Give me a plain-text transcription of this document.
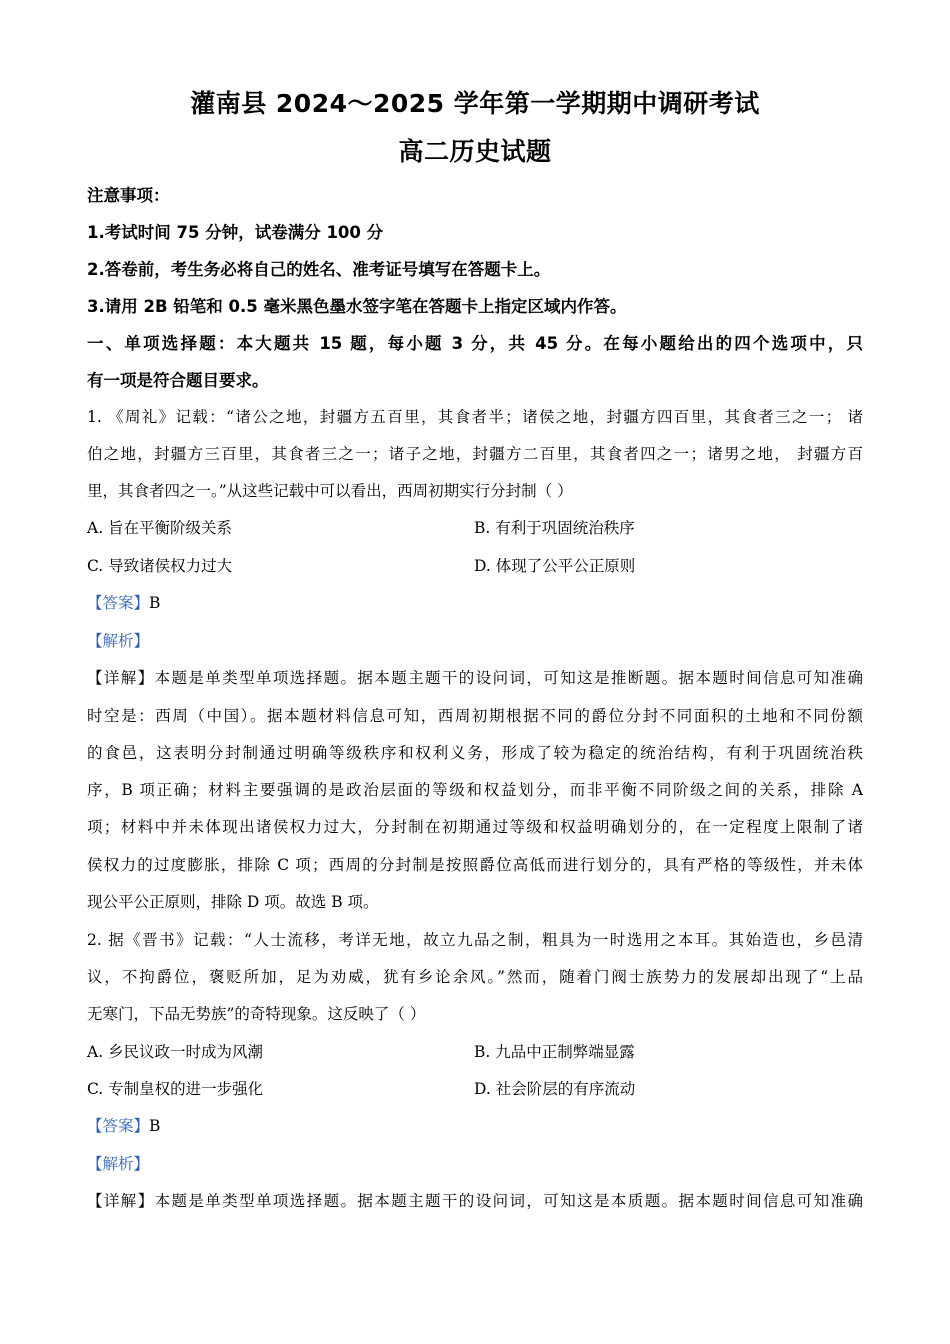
灌南县 2024～2025 学年第一学期期中调研考试
高二历史试题
注意事项：
1.考试时间 75 分钟，试卷满分 100 分
2.答卷前，考生务必将自己的姓名、准考证号填写在答题卡上。
3.请用 2B 铅笔和 0.5 毫米黑色墨水签字笔在答题卡上指定区域内作答。
一、单项选择题：本大题共 15 题，每小题 3 分，共 45 分。在每小题给出的四个选项中，只
有一项是符合题目要求。
1. 《周礼》记载：“诸公之地，封疆方五百里，其食者半；诸侯之地，封疆方四百里，其食者三之一； 诸
伯之地，封疆方三百里，其食者三之一；诸子之地，封疆方二百里，其食者四之一；诸男之地， 封疆方百
里，其食者四之一。”从这些记载中可以看出，西周初期实行分封制（ ）
A. 旨在平衡阶级关系	B. 有利于巩固统治秩序
C. 导致诸侯权力过大	D. 体现了公平公正原则
【答案】B
【解析】
【详解】本题是单类型单项选择题。据本题主题干的设问词，可知这是推断题。据本题时间信息可知准确
时空是：西周（中国）。据本题材料信息可知，西周初期根据不同的爵位分封不同面积的土地和不同份额
的食邑，这表明分封制通过明确等级秩序和权利义务，形成了较为稳定的统治结构，有利于巩固统治秩
序，B 项正确；材料主要强调的是政治层面的等级和权益划分，而非平衡不同阶级之间的关系，排除 A
项；材料中并未体现出诸侯权力过大，分封制在初期通过等级和权益明确划分的，在一定程度上限制了诸
侯权力的过度膨胀，排除 C 项；西周的分封制是按照爵位高低而进行划分的，具有严格的等级性，并未体
现公平公正原则，排除 D 项。故选 B 项。
2. 据《晋书》记载：“人士流移，考详无地，故立九品之制，粗具为一时选用之本耳。其始造也，乡邑清
议，不拘爵位，褒贬所加，足为劝威，犹有乡论余风。”然而，随着门阀士族势力的发展却出现了“上品
无寒门，下品无势族”的奇特现象。这反映了（ ）
A. 乡民议政一时成为风潮	B. 九品中正制弊端显露
C. 专制皇权的进一步强化	D. 社会阶层的有序流动
【答案】B
【解析】
【详解】本题是单类型单项选择题。据本题主题干的设问词，可知这是本质题。据本题时间信息可知准确
